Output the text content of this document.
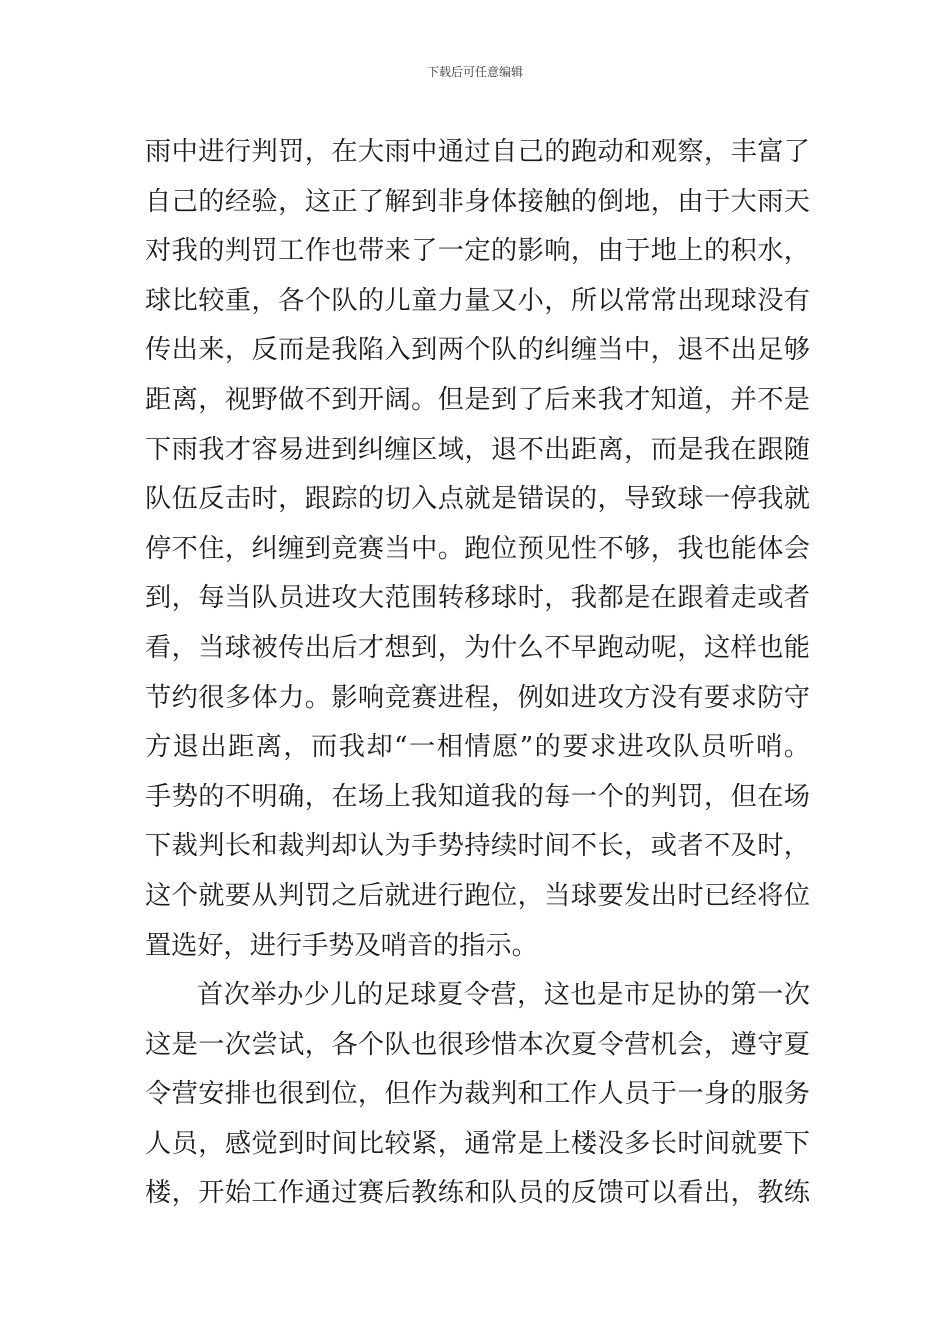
下载后可任意编辑
雨中进行判罚，在大雨中通过自己的跑动和观察，丰富了
自己的经验，这正了解到非身体接触的倒地，由于大雨天
对我的判罚工作也带来了一定的影响，由于地上的积水，
球比较重，各个队的儿童力量又小，所以常常出现球没有
传出来，反而是我陷入到两个队的纠缠当中，退不出足够
距离，视野做不到开阔。但是到了后来我才知道，并不是
下雨我才容易进到纠缠区域，退不出距离，而是我在跟随
队伍反击时，跟踪的切入点就是错误的，导致球一停我就
停不住，纠缠到竞赛当中。跑位预见性不够，我也能体会
到，每当队员进攻大范围转移球时，我都是在跟着走或者
看，当球被传出后才想到，为什么不早跑动呢，这样也能
节约很多体力。影响竞赛进程，例如进攻方没有要求防守
方退出距离，而我却“一相情愿”的要求进攻队员听哨。
手势的不明确，在场上我知道我的每一个的判罚，但在场
下裁判长和裁判却认为手势持续时间不长，或者不及时，
这个就要从判罚之后就进行跑位，当球要发出时已经将位
置选好，进行手势及哨音的指示。
首次举办少儿的足球夏令营，这也是市足协的第一次
这是一次尝试，各个队也很珍惜本次夏令营机会，遵守夏
令营安排也很到位，但作为裁判和工作人员于一身的服务
人员，感觉到时间比较紧，通常是上楼没多长时间就要下
楼，开始工作通过赛后教练和队员的反馈可以看出，教练
